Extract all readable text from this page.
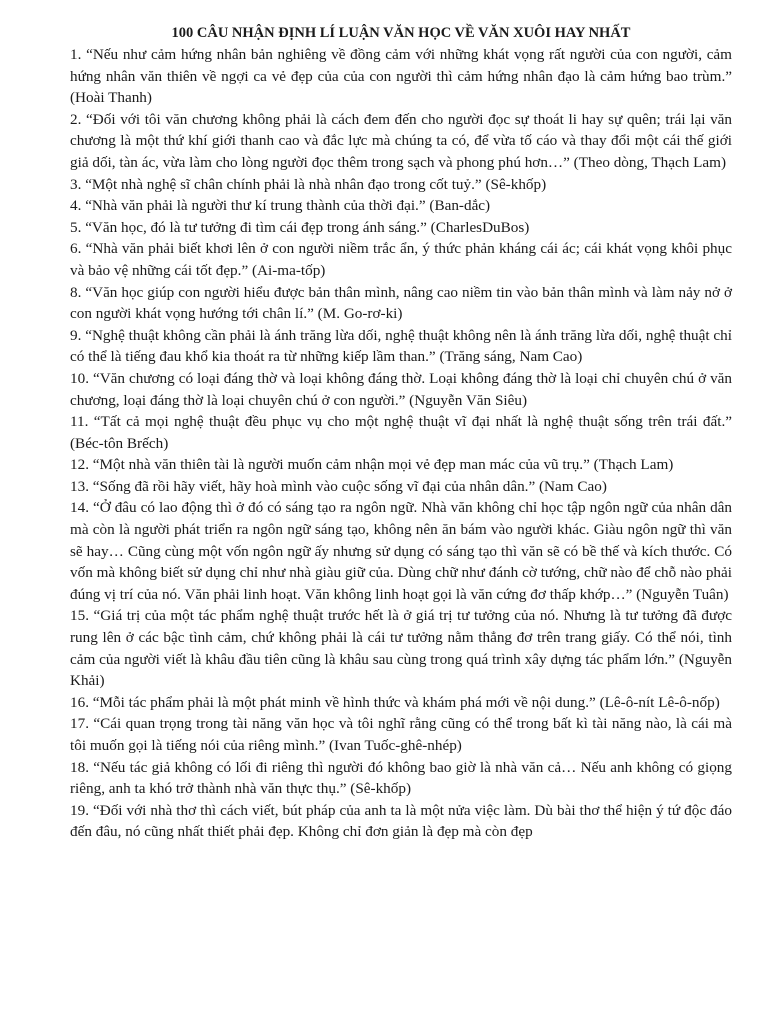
100 CÂU NHẬN ĐỊNH LÍ LUẬN VĂN HỌC VỀ VĂN XUÔI HAY NHẤT

1. “Nếu như cảm hứng nhân bản nghiêng về đồng cảm với những khát vọng rất người của con người, cảm hứng nhân văn thiên về ngợi ca vẻ đẹp của của con người thì cảm hứng nhân đạo là cảm hứng bao trùm.” (Hoài Thanh)

2. “Đối với tôi văn chương không phải là cách đem đến cho người đọc sự thoát li hay sự quên; trái lại văn chương là một thứ khí giới thanh cao và đắc lực mà chúng ta có, để vừa tố cáo và thay đổi một cái thế giới giả dối, tàn ác, vừa làm cho lòng người đọc thêm trong sạch và phong phú hơn…” (Theo dòng, Thạch Lam)

3. “Một nhà nghệ sĩ chân chính phải là nhà nhân đạo trong cốt tuỷ.” (Sê-khốp)

4. “Nhà văn phải là người thư kí trung thành của thời đại.” (Ban-dắc)

5. “Văn học, đó là tư tưởng đi tìm cái đẹp trong ánh sáng.” (CharlesDuBos)

6. “Nhà văn phải biết khơi lên ở con người niềm trắc ẩn, ý thức phản kháng cái ác; cái khát vọng khôi phục và bảo vệ những cái tốt đẹp.” (Ai-ma-tốp)

8. “Văn học giúp con người hiểu được bản thân mình, nâng cao niềm tin vào bản thân mình và làm nảy nở ở con người khát vọng hướng tới chân lí.” (M. Go-rơ-ki)

9. “Nghệ thuật không cần phải là ánh trăng lừa dối, nghệ thuật không nên là ánh trăng lừa dối, nghệ thuật chỉ có thể là tiếng đau khổ kia thoát ra từ những kiếp lầm than.” (Trăng sáng, Nam Cao)

10. “Văn chương có loại đáng thờ và loại không đáng thờ. Loại không đáng thờ là loại chỉ chuyên chú ở văn chương, loại đáng thờ là loại chuyên chú ở con người.” (Nguyễn Văn Siêu)

11. “Tất cả mọi nghệ thuật đều phục vụ cho một nghệ thuật vĩ đại nhất là nghệ thuật sống trên trái đất.” (Béc-tôn Brếch)

12. “Một nhà văn thiên tài là người muốn cảm nhận mọi vẻ đẹp man mác của vũ trụ.” (Thạch Lam)

13. “Sống đã rồi hãy viết, hãy hoà mình vào cuộc sống vĩ đại của nhân dân.” (Nam Cao)

14. “Ở đâu có lao động thì ở đó có sáng tạo ra ngôn ngữ. Nhà văn không chỉ học tập ngôn ngữ của nhân dân mà còn là người phát triển ra ngôn ngữ sáng tạo, không nên ăn bám vào người khác. Giàu ngôn ngữ thì văn sẽ hay… Cũng cùng một vốn ngôn ngữ ấy nhưng sử dụng có sáng tạo thì văn sẽ có bề thế và kích thước. Có vốn mà không biết sử dụng chỉ như nhà giàu giữ của. Dùng chữ như đánh cờ tướng, chữ nào để chỗ nào phải đúng vị trí của nó. Văn phải linh hoạt. Văn không linh hoạt gọi là văn cứng đơ thấp khớp…” (Nguyễn Tuân)

15. “Giá trị của một tác phẩm nghệ thuật trước hết là ở giá trị tư tưởng của nó. Nhưng là tư tưởng đã được rung lên ở các bậc tình cảm, chứ không phải là cái tư tưởng nằm thẳng đơ trên trang giấy. Có thể nói, tình cảm của người viết là khâu đầu tiên cũng là khâu sau cùng trong quá trình xây dựng tác phẩm lớn.” (Nguyễn Khải)

16. “Mỗi tác phẩm phải là một phát minh về hình thức và khám phá mới về nội dung.” (Lê-ô-nít Lê-ô-nốp)

17. “Cái quan trọng trong tài năng văn học và tôi nghĩ rằng cũng có thể trong bất kì tài năng nào, là cái mà tôi muốn gọi là tiếng nói của riêng mình.” (Ivan Tuốc-ghê-nhép)

18. “Nếu tác giả không có lối đi riêng thì người đó không bao giờ là nhà văn cả… Nếu anh không có giọng riêng, anh ta khó trở thành nhà văn thực thụ.” (Sê-khốp)

19. “Đối với nhà thơ thì cách viết, bút pháp của anh ta là một nửa việc làm. Dù bài thơ thể hiện ý tứ độc đáo đến đâu, nó cũng nhất thiết phải đẹp. Không chỉ đơn giản là đẹp mà còn đẹp
